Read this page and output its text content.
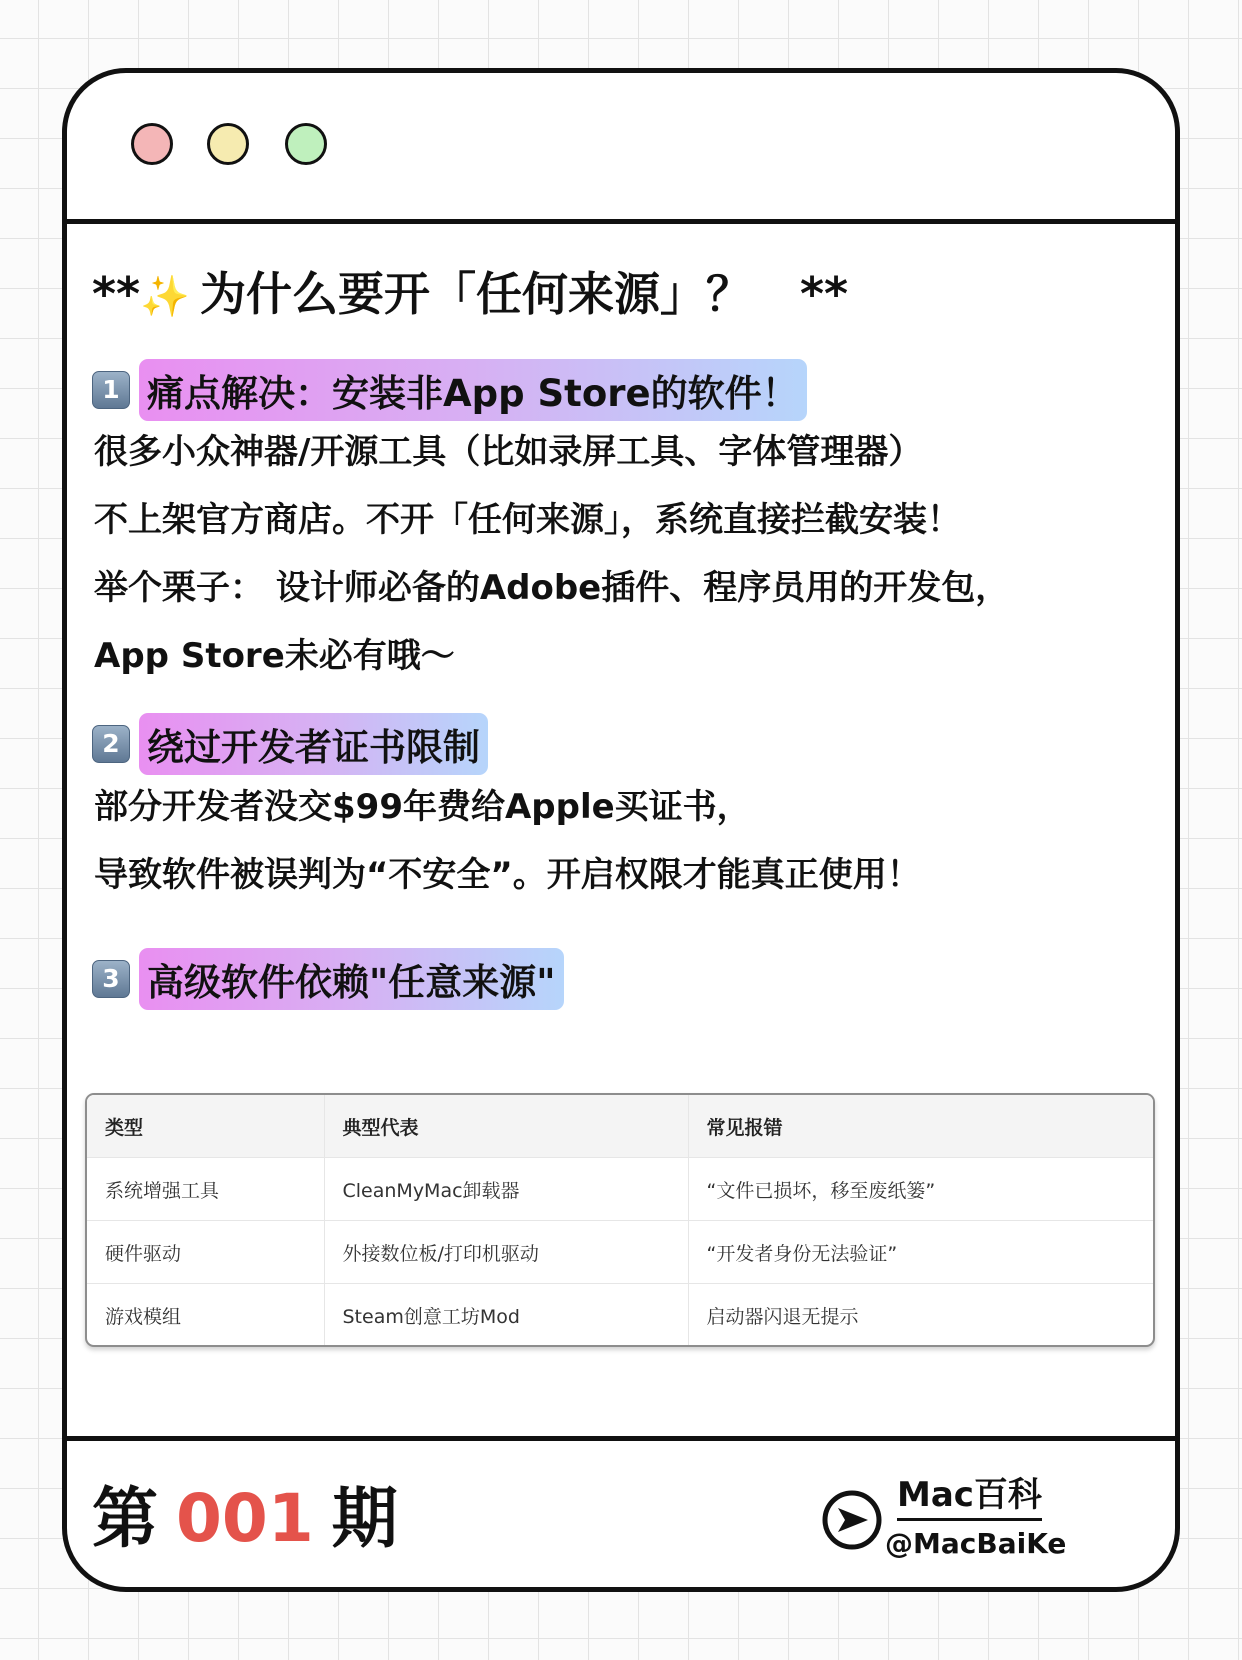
**✨ 为什么要开「任何来源」？ **
1 痛点解决：安装非App Store的软件！
很多小众神器/开源工具（比如录屏工具、字体管理器）
不上架官方商店。不开「任何来源」，系统直接拦截安装！
举个栗子： 设计师必备的Adobe插件、程序员用的开发包，
App Store未必有哦～
2 绕过开发者证书限制
部分开发者没交$99年费给Apple买证书，
导致软件被误判为“不安全”。开启权限才能真正使用！
3 高级软件依赖"任意来源"
类型	典型代表	常见报错
系统增强工具	CleanMyMac卸载器	“文件已损坏，移至废纸篓”
硬件驱动	外接数位板/打印机驱动	“开发者身份无法验证”
游戏模组	Steam创意工坊Mod	启动器闪退无提示
第 001 期	Mac百科
@MacBaiKe
